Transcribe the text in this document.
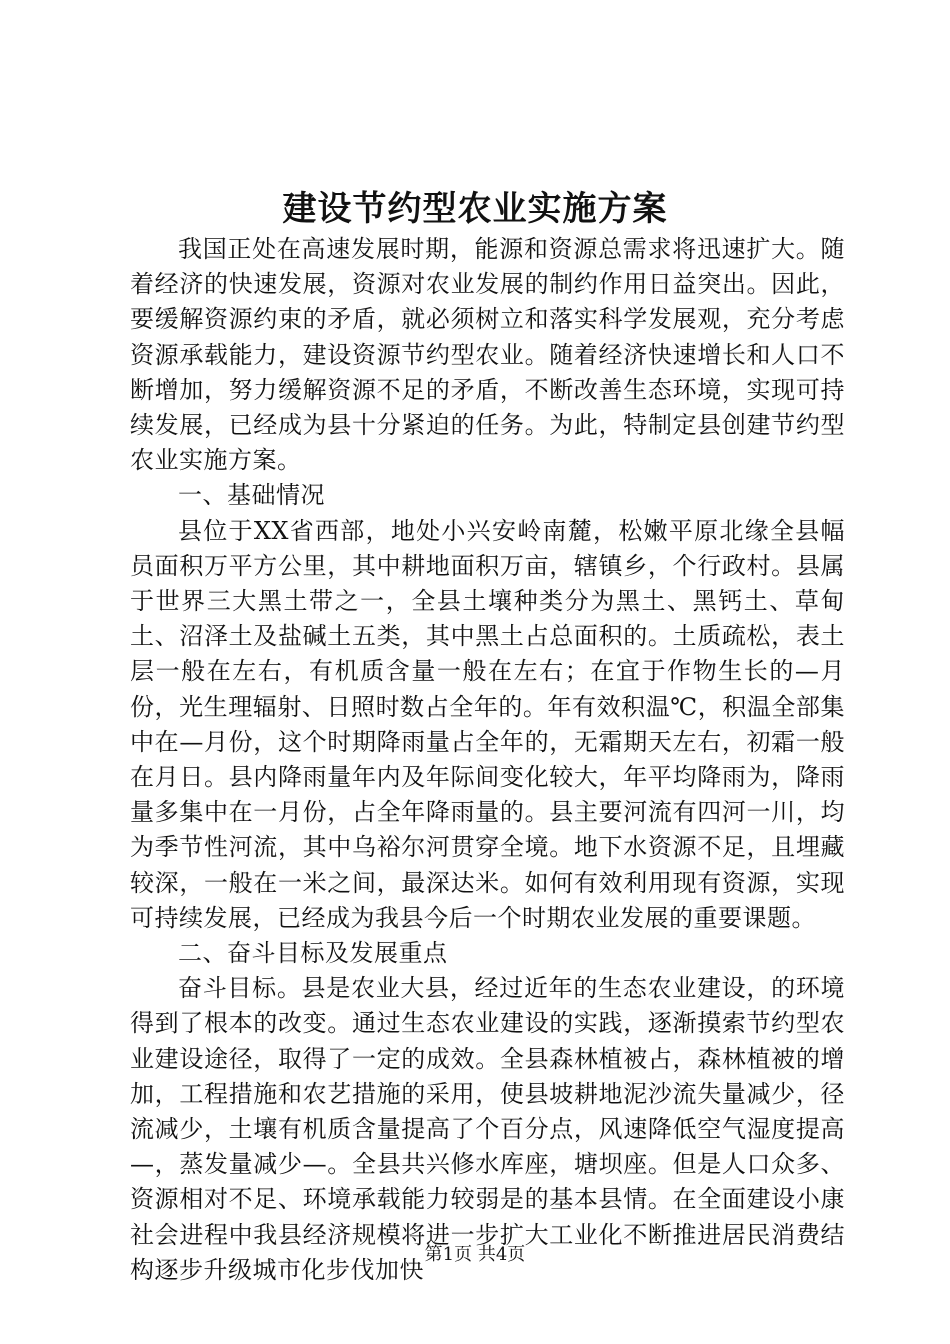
建设节约型农业实施方案

我国正处在高速发展时期，能源和资源总需求将迅速扩大。随着经济的快速发展，资源对农业发展的制约作用日益突出。因此，要缓解资源约束的矛盾，就必须树立和落实科学发展观，充分考虑资源承载能力，建设资源节约型农业。随着经济快速增长和人口不断增加，努力缓解资源不足的矛盾，不断改善生态环境，实现可持续发展，已经成为县十分紧迫的任务。为此，特制定县创建节约型农业实施方案。

一、基础情况

县位于XX省西部，地处小兴安岭南麓，松嫩平原北缘全县幅员面积万平方公里，其中耕地面积万亩，辖镇乡，个行政村。县属于世界三大黑土带之一，全县土壤种类分为黑土、黑钙土、草甸土、沼泽土及盐碱土五类，其中黑土占总面积的。土质疏松，表土层一般在左右，有机质含量一般在左右；在宜于作物生长的—月份，光生理辐射、日照时数占全年的。年有效积温℃，积温全部集中在—月份，这个时期降雨量占全年的，无霜期天左右，初霜一般在月日。县内降雨量年内及年际间变化较大，年平均降雨为，降雨量多集中在一月份，占全年降雨量的。县主要河流有四河一川，均为季节性河流，其中乌裕尔河贯穿全境。地下水资源不足，且埋藏较深，一般在一米之间，最深达米。如何有效利用现有资源，实现可持续发展，已经成为我县今后一个时期农业发展的重要课题。

二、奋斗目标及发展重点

奋斗目标。县是农业大县，经过近年的生态农业建设，的环境得到了根本的改变。通过生态农业建设的实践，逐渐摸索节约型农业建设途径，取得了一定的成效。全县森林植被占，森林植被的增加，工程措施和农艺措施的采用，使县坡耕地泥沙流失量减少，径流减少，土壤有机质含量提高了个百分点，风速降低空气湿度提高—，蒸发量减少—。全县共兴修水库座，塘坝座。但是人口众多、资源相对不足、环境承载能力较弱是的基本县情。在全面建设小康社会进程中我县经济规模将进一步扩大工业化不断推进居民消费结构逐步升级城市化步伐加快

第1页 共4页
